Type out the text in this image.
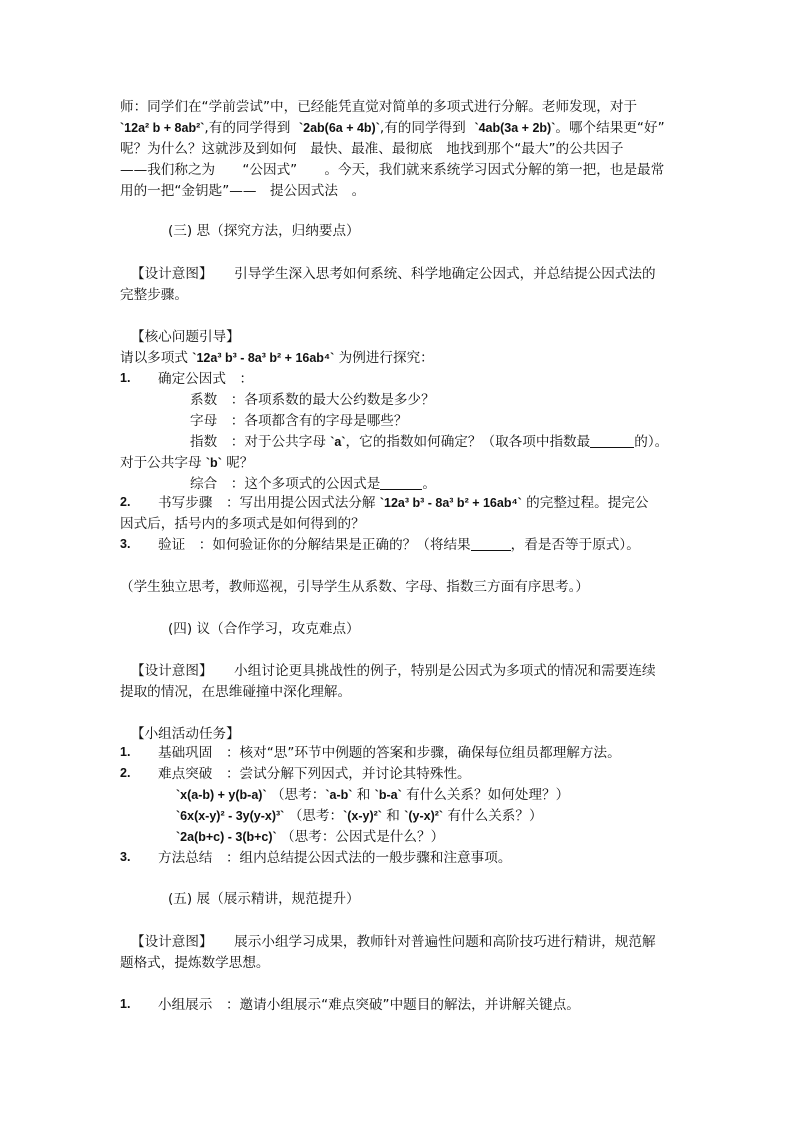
师：同学们在“学前尝试”中，已经能凭直觉对简单的多项式进行分解。老师发现，对于
`12a² b + 8ab²`,有的同学得到 `2ab(6a + 4b)`,有的同学得到 `4ab(3a + 2b)`。哪个结果更“好”
呢？为什么？这就涉及到如何　最快、最准、最彻底　地找到那个“最大”的公共因子
——我们称之为　　“公因式”　　。今天，我们就来系统学习因式分解的第一把，也是最常
用的一把“金钥匙”——　提公因式法　。
(三) 思（探究方法，归纳要点）
【设计意图】 引导学生深入思考如何系统、科学地确定公因式，并总结提公因式法的
完整步骤。
【核心问题引导】
请以多项式 `12a³ b³ - 8a³ b² + 16ab⁴` 为例进行探究：
1. 确定公因式　：
系数　：各项系数的最大公约数是多少？
字母　：各项都含有的字母是哪些？
指数　：对于公共字母 `a`，它的指数如何确定？（取各项中指数最	的）。
对于公共字母 `b` 呢？
综合　：这个多项式的公因式是	。
2. 书写步骤　：写出用提公因式法分解 `12a³ b³ - 8a³ b² + 16ab⁴` 的完整过程。提完公
因式后，括号内的多项式是如何得到的？
3. 验证　：如何验证你的分解结果是正确的？（将结果	，看是否等于原式）。
（学生独立思考，教师巡视，引导学生从系数、字母、指数三方面有序思考。）
(四) 议（合作学习，攻克难点）
【设计意图】 小组讨论更具挑战性的例子，特别是公因式为多项式的情况和需要连续
提取的情况，在思维碰撞中深化理解。
【小组活动任务】
1. 基础巩固　：核对“思”环节中例题的答案和步骤，确保每位组员都理解方法。
2. 难点突破　：尝试分解下列因式，并讨论其特殊性。
`x(a-b) + y(b-a)` （思考：`a-b` 和 `b-a` 有什么关系？如何处理？）
`6x(x-y)² - 3y(y-x)³` （思考：`(x-y)²` 和 `(y-x)²` 有什么关系？）
`2a(b+c) - 3(b+c)` （思考：公因式是什么？）
3. 方法总结　：组内总结提公因式法的一般步骤和注意事项。
(五) 展（展示精讲，规范提升）
【设计意图】 展示小组学习成果，教师针对普遍性问题和高阶技巧进行精讲，规范解
题格式，提炼数学思想。
1. 小组展示　：邀请小组展示“难点突破”中题目的解法，并讲解关键点。
